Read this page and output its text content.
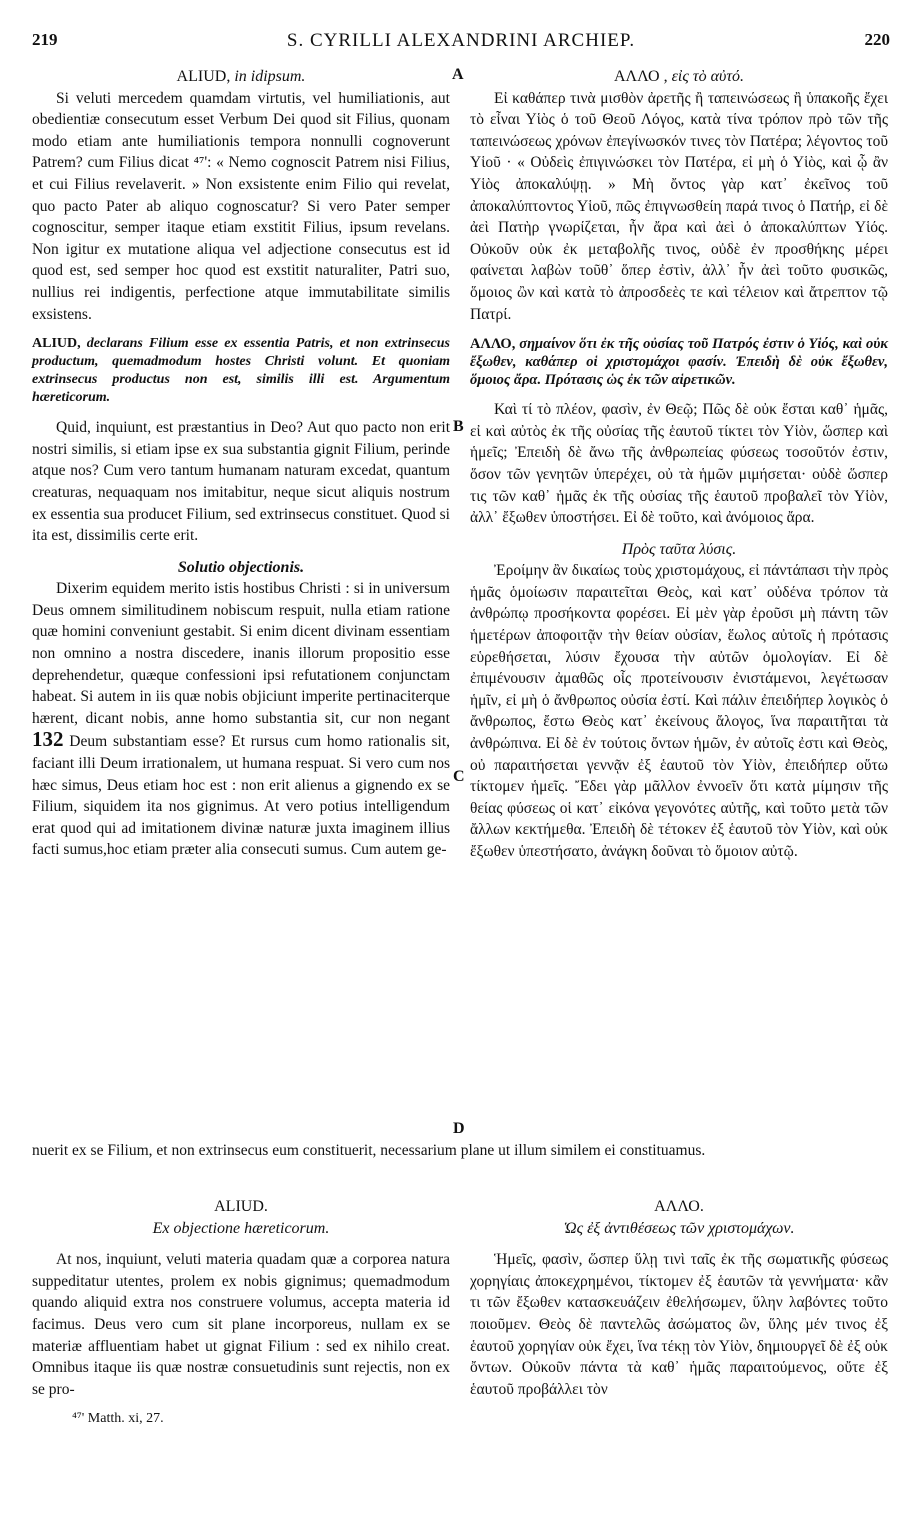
219	S. CYRILLI ALEXANDRINI ARCHIEP.	220
A
B
C
D

ALIUD, in idipsum.

Si veluti mercedem quamdam virtutis, vel humiliationis, aut obedientiæ consecutum esset Verbum Dei quod sit Filius, quonam modo etiam ante humiliationis tempora nonnulli cognoverunt Patrem? cum Filius dicat ⁴⁷': « Nemo cognoscit Patrem nisi Filius, et cui Filius revelaverit. » Non exsistente enim Filio qui revelat, quo pacto Pater ab aliquo cognoscatur? Si vero Pater semper cognoscitur, semper itaque etiam exstitit Filius, ipsum revelans. Non igitur ex mutatione aliqua vel adjectione consecutus est id quod est, sed semper hoc quod est exstitit naturaliter, Patri suo, nullius rei indigentis, perfectione atque immutabilitate similis exsistens.

ALIUD, declarans Filium esse ex essentia Patris, et non extrinsecus productum, quemadmodum hostes Christi volunt. Et quoniam extrinsecus productus non est, similis illi est. Argumentum hæreticorum.

Quid, inquiunt, est præstantius in Deo? Aut quo pacto non erit nostri similis, si etiam ipse ex sua substantia gignit Filium, perinde atque nos? Cum vero tantum humanam naturam excedat, quantum creaturas, nequaquam nos imitabitur, neque sicut aliquis nostrum ex essentia sua producet Filium, sed extrinsecus constituet. Quod si ita est, dissimilis certe erit.

Solutio objectionis.

Dixerim equidem merito istis hostibus Christi : si in universum Deus omnem similitudinem nobiscum respuit, nulla etiam ratione quæ homini conveniunt gestabit. Si enim dicent divinam essentiam non omnino a nostra discedere, inanis illorum propositio esse deprehendetur, quæque confessioni ipsi refutationem conjunctam habeat. Si autem in iis quæ nobis objiciunt imperite pertinaciterque hærent, dicant nobis, anne homo substantia sit, cur non negant 132 Deum substantiam esse? Et rursus cum homo rationalis sit, faciant illi Deum irrationalem, ut humana respuat. Si vero cum nos hæc simus, Deus etiam hoc est : non erit alienus a gignendo ex se Filium, siquidem ita nos gignimus. At vero potius intelligendum erat quod qui ad imitationem divinæ naturæ juxta imaginem illius facti sumus,hoc etiam præter alia consecuti sumus. Cum autem ge-

ΑΛΛΟ , εἰς τὸ αὐτό.

Εἰ καθάπερ τινὰ μισθὸν ἀρετῆς ἢ ταπεινώσεως ἢ ὑπακοῆς ἔχει τὸ εἶναι Υἱὸς ὁ τοῦ Θεοῦ Λόγος, κατὰ τίνα τρόπον πρὸ τῶν τῆς ταπεινώσεως χρόνων ἐπεγίνωσκόν τινες τὸν Πατέρα; λέγοντος τοῦ Υἱοῦ · « Οὐδεὶς ἐπιγινώσκει τὸν Πατέρα, εἰ μὴ ὁ Υἱὸς, καὶ ᾧ ἂν Υἱὸς ἀποκαλύψῃ. » Μὴ ὄντος γὰρ κατ᾽ ἐκεῖνος τοῦ ἀποκαλύπτοντος Υἱοῦ, πῶς ἐπιγνωσθείη παρά τινος ὁ Πατήρ, εἰ δὲ ἀεὶ Πατὴρ γνωρίζεται, ἦν ἄρα καὶ ἀεὶ ὁ ἀποκαλύπτων Υἱός. Οὐκοῦν οὐκ ἐκ μεταβολῆς τινος, οὐδὲ ἐν προσθήκης μέρει φαίνεται λαβὼν τοῦθ᾽ ὅπερ ἐστὶν, ἀλλ᾽ ἦν ἀεὶ τοῦτο φυσικῶς, ὅμοιος ὢν καὶ κατὰ τὸ ἀπροσδεὲς τε καὶ τέλειον καὶ ἄτρεπτον τῷ Πατρί.

ΑΛΛΟ, σημαίνον ὅτι ἐκ τῆς οὐσίας τοῦ Πατρός ἐστιν ὁ Υἱός, καὶ οὐκ ἔξωθεν, καθάπερ οἱ χριστομάχοι φασίν. Ἐπειδὴ δὲ οὐκ ἔξωθεν, ὅμοιος ἄρα. Πρότασις ὡς ἐκ τῶν αἱρετικῶν.

Καὶ τί τὸ πλέον, φασὶν, ἐν Θεῷ; Πῶς δὲ οὐκ ἔσται καθ᾽ ἡμᾶς, εἰ καὶ αὐτὸς ἐκ τῆς οὐσίας τῆς ἑαυτοῦ τίκτει τὸν Υἱὸν, ὥσπερ καὶ ἡμεῖς; Ἐπειδὴ δὲ ἄνω τῆς ἀνθρωπείας φύσεως τοσοῦτόν ἐστιν, ὅσον τῶν γενητῶν ὑπερέχει, οὐ τὰ ἡμῶν μιμήσεται· οὐδὲ ὥσπερ τις τῶν καθ᾽ ἡμᾶς ἐκ τῆς οὐσίας τῆς ἑαυτοῦ προβαλεῖ τὸν Υἱὸν, ἀλλ᾽ ἔξωθεν ὑποστήσει. Εἰ δὲ τοῦτο, καὶ ἀνόμοιος ἄρα.

Πρὸς ταῦτα λύσις.

Ἐροίμην ἂν δικαίως τοὺς χριστομάχους, εἰ πάντάπασι τὴν πρὸς ἡμᾶς ὁμοίωσιν παραιτεῖται Θεὸς, καὶ κατ᾽ οὐδένα τρόπον τὰ ἀνθρώπῳ προσήκοντα φορέσει. Εἰ μὲν γὰρ ἐροῦσι μὴ πάντη τῶν ἡμετέρων ἀποφοιτᾷν τὴν θείαν οὐσίαν, ἕωλος αὐτοῖς ἡ πρότασις εὑρεθήσεται, λύσιν ἔχουσα τὴν αὐτῶν ὁμολογίαν. Εἰ δὲ ἐπιμένουσιν ἀμαθῶς οἷς προτείνουσιν ἐνιστάμενοι, λεγέτωσαν ἡμῖν, εἰ μὴ ὁ ἄνθρωπος οὐσία ἐστί. Καὶ πάλιν ἐπειδήπερ λογικὸς ὁ ἄνθρωπος, ἔστω Θεὸς κατ᾽ ἐκείνους ἄλογος, ἵνα παραιτῆται τὰ ἀνθρώπινα. Εἰ δὲ ἐν τούτοις ὄντων ἡμῶν, ἐν αὐτοῖς ἐστι καὶ Θεὸς, οὐ παραιτήσεται γεννᾷν ἐξ ἑαυτοῦ τὸν Υἱὸν, ἐπειδήπερ οὕτω τίκτομεν ἡμεῖς. Ἔδει γὰρ μᾶλλον ἐννοεῖν ὅτι κατὰ μίμησιν τῆς θείας φύσεως οἱ κατ᾽ εἰκόνα γεγονότες αὐτῆς, καὶ τοῦτο μετὰ τῶν ἄλλων κεκτήμεθα. Ἐπειδὴ δὲ τέτοκεν ἐξ ἑαυτοῦ τὸν Υἱὸν, καὶ οὐκ ἔξωθεν ὑπεστήσατο, ἀνάγκη δοῦναι τὸ ὅμοιον αὐτῷ.

nuerit ex se Filium, et non extrinsecus eum constituerit, necessarium plane ut illum similem ei constituamus.

ALIUD.

Ex objectione hæreticorum.

At nos, inquiunt, veluti materia quadam quæ a corporea natura suppeditatur utentes, prolem ex nobis gignimus; quemadmodum quando aliquid extra nos construere volumus, accepta materia id facimus. Deus vero cum sit plane incorporeus, nullam ex se materiæ affluentiam habet ut gignat Filium : sed ex nihilo creat. Omnibus itaque iis quæ nostræ consuetudinis sunt rejectis, non ex se pro-

⁴⁷' Matth. xi, 27.

ΑΛΛΟ.

Ὡς ἐξ ἀντιθέσεως τῶν χριστομάχων.

Ἡμεῖς, φασὶν, ὥσπερ ὕλῃ τινὶ ταῖς ἐκ τῆς σωματικῆς φύσεως χορηγίαις ἀποκεχρημένοι, τίκτομεν ἐξ ἑαυτῶν τὰ γεννήματα· κἂν τι τῶν ἔξωθεν κατασκευάζειν ἐθελήσωμεν, ὕλην λαβόντες τοῦτο ποιοῦμεν. Θεὸς δὲ παντελῶς ἀσώματος ὢν, ὕλης μέν τινος ἐξ ἑαυτοῦ χορηγίαν οὐκ ἔχει, ἵνα τέκῃ τὸν Υἱὸν, δημιουργεῖ δὲ ἐξ οὐκ ὄντων. Οὐκοῦν πάντα τὰ καθ᾽ ἡμᾶς παραιτούμενος, οὔτε ἐξ ἑαυτοῦ προβάλλει τὸν
